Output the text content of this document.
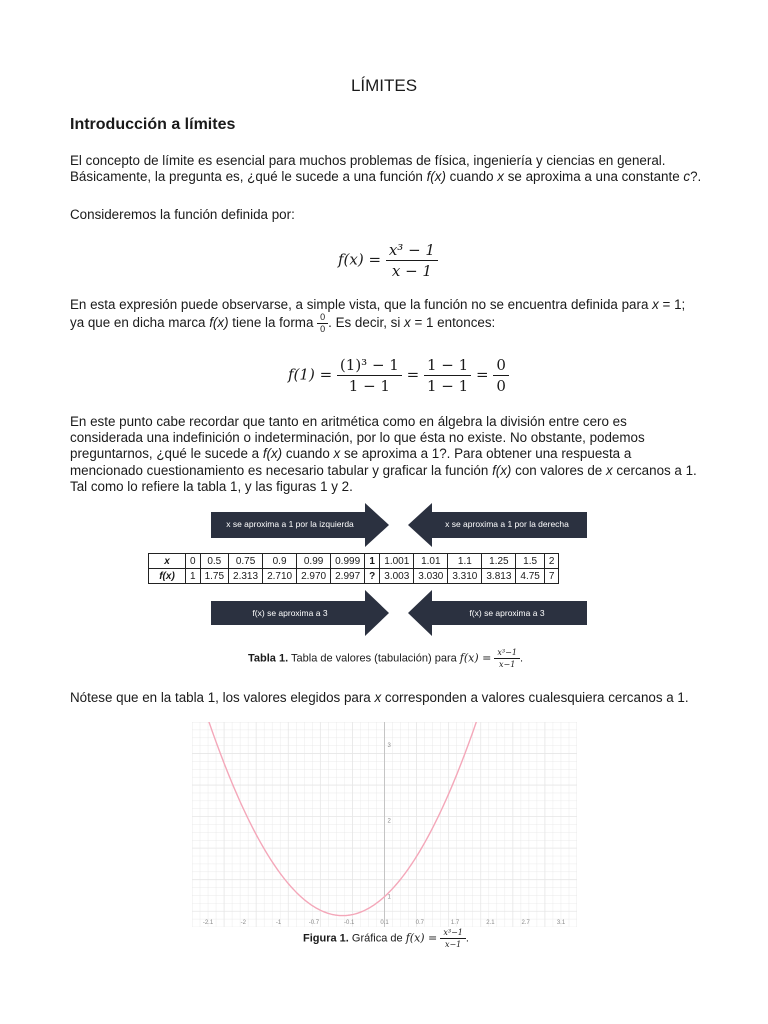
LÍMITES
Introducción a límites
El concepto de límite es esencial para muchos problemas de física, ingeniería y ciencias en general. Básicamente, la pregunta es, ¿qué le sucede a una función f(x) cuando x se aproxima a una constante c?.
Consideremos la función definida por:
$f(x) = \frac{\text{x³ − 1}}{x - 1}$
En esta expresión puede observarse, a simple vista, que la función no se encuentra definida para x = 1; ya que en dicha marca f(x) tiene la forma $\frac{0}{0}$ . Es decir, si x = 1 entonces:
$f(1) = \frac{\text{(1)³ − 1}}{1 - 1} = \frac{1 - 1}{1 - 1} = \frac{0}{0}$
En este punto cabe recordar que tanto en aritmética como en álgebra la división entre cero es considerada una indefinición o indeterminación, por lo que ésta no existe. No obstante, podemos preguntarnos, ¿qué le sucede a f(x) cuando x se aproxima a 1?. Para obtener una respuesta a mencionado cuestionamiento es necesario tabular y graficar la función f(x) con valores de x cercanos a 1. Tal como lo refiere la tabla 1, y las figuras 1 y 2.
x se aproxima a 1 por la izquierda	x se aproxima a 1 por la derecha
f(x) se aproxima a 3	f(x) se aproxima a 3
x	0	0.5	0.75	0.9	0.99	0.999	1	1.001	1.01	1.1	1.25	1.5	2
f(x)	1	1.75	2.313	2.710	2.970	2.997	?	3.003	3.030	3.310	3.813	4.75	7
Tabla 1. Tabla de valores (tabulación) para $f(x) = \frac{\text{x³−1}}{x-1}$ .
Nótese que en la tabla 1, los valores elegidos para x corresponden a valores cualesquiera cercanos a 1.
-2.1	-2	-1	-0.7	-0.1	0.1	0.7	1.7	2.1	2.7	3.1
3
2
1
Figura 1. Gráfica de $f(x) = \frac{\text{x³−1}}{x-1}$ .
